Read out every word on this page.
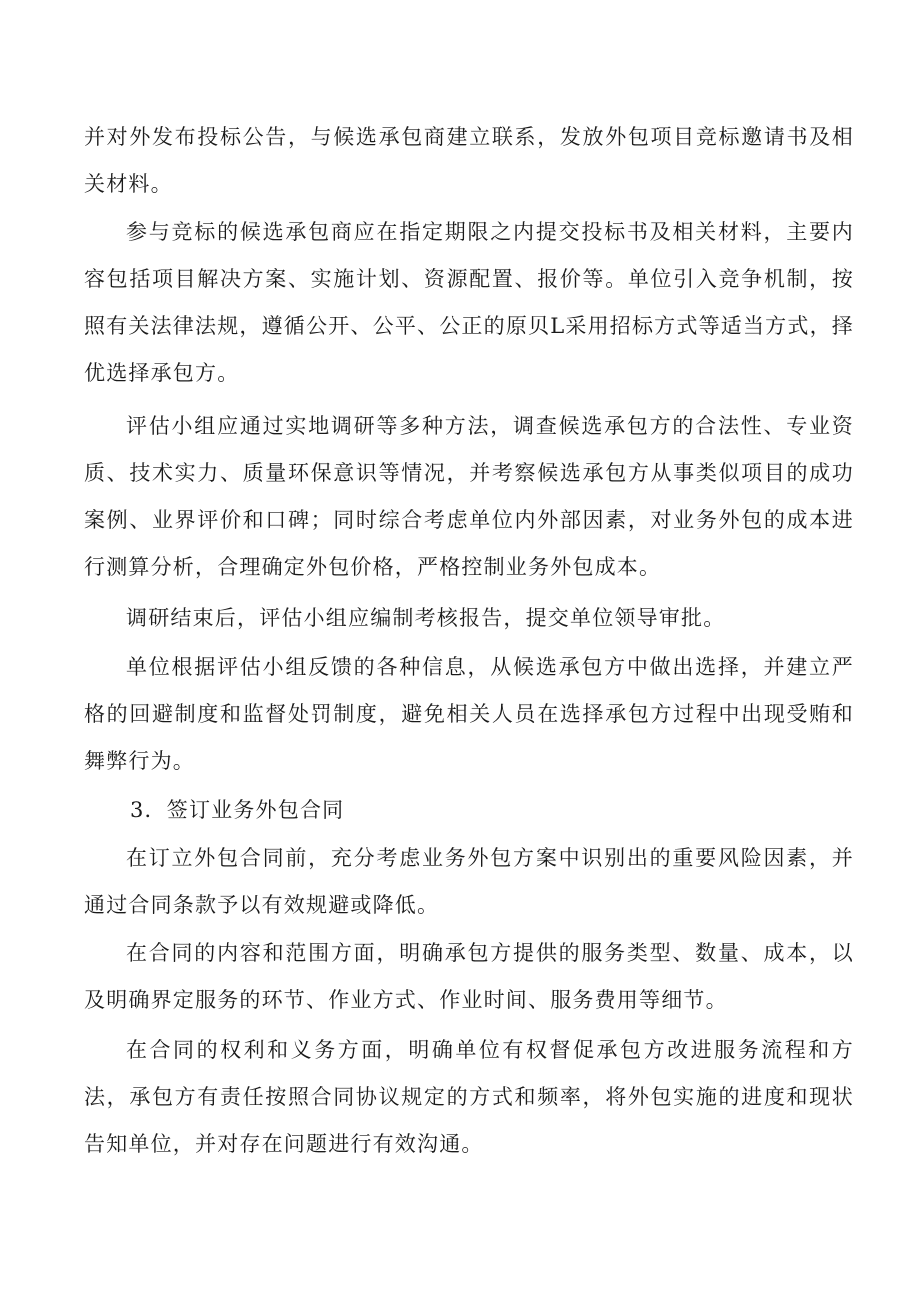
并对外发布投标公告，与候选承包商建立联系，发放外包项目竞标邀请书及相关材料。

参与竞标的候选承包商应在指定期限之内提交投标书及相关材料，主要内容包括项目解决方案、实施计划、资源配置、报价等。单位引入竞争机制，按照有关法律法规，遵循公开、公平、公正的原贝L采用招标方式等适当方式，择优选择承包方。

评估小组应通过实地调研等多种方法，调查候选承包方的合法性、专业资质、技术实力、质量环保意识等情况，并考察候选承包方从事类似项目的成功案例、业界评价和口碑；同时综合考虑单位内外部因素，对业务外包的成本进行测算分析，合理确定外包价格，严格控制业务外包成本。

调研结束后，评估小组应编制考核报告，提交单位领导审批。

单位根据评估小组反馈的各种信息，从候选承包方中做出选择，并建立严格的回避制度和监督处罚制度，避免相关人员在选择承包方过程中出现受贿和舞弊行为。

3．签订业务外包合同

在订立外包合同前，充分考虑业务外包方案中识别出的重要风险因素，并通过合同条款予以有效规避或降低。

在合同的内容和范围方面，明确承包方提供的服务类型、数量、成本，以及明确界定服务的环节、作业方式、作业时间、服务费用等细节。

在合同的权利和义务方面，明确单位有权督促承包方改进服务流程和方法，承包方有责任按照合同协议规定的方式和频率，将外包实施的进度和现状告知单位，并对存在问题进行有效沟通。
